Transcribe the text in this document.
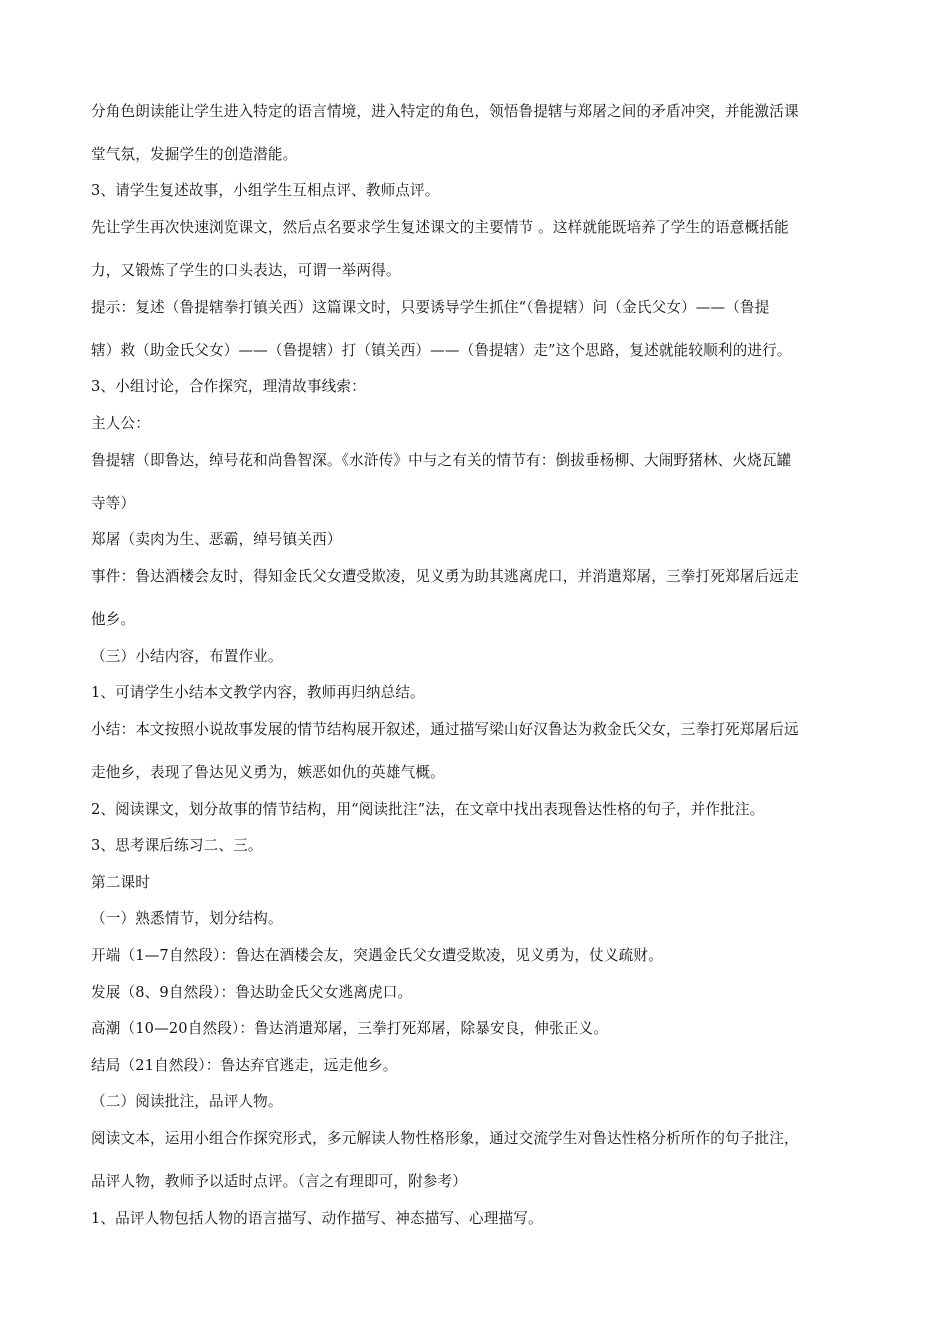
分角色朗读能让学生进入特定的语言情境，进入特定的角色，领悟鲁提辖与郑屠之间的矛盾冲突，并能激活课
堂气氛，发掘学生的创造潜能。
3、请学生复述故事，小组学生互相点评、教师点评。
先让学生再次快速浏览课文，然后点名要求学生复述课文的主要情节 。这样就能既培养了学生的语意概括能
力，又锻炼了学生的口头表达，可谓一举两得。
提示：复述（鲁提辖拳打镇关西）这篇课文时，只要诱导学生抓住“（鲁提辖）问（金氏父女）——（鲁提
辖）救（助金氏父女）——（鲁提辖）打（镇关西）——（鲁提辖）走”这个思路，复述就能较顺利的进行。
3、小组讨论，合作探究，理清故事线索：
主人公：
鲁提辖（即鲁达，绰号花和尚鲁智深。《水浒传》中与之有关的情节有：倒拔垂杨柳、大闹野猪林、火烧瓦罐
寺等）
郑屠（卖肉为生、恶霸，绰号镇关西）
事件：鲁达酒楼会友时，得知金氏父女遭受欺凌，见义勇为助其逃离虎口，并消遣郑屠，三拳打死郑屠后远走
他乡。
（三）小结内容，布置作业。
1、可请学生小结本文教学内容，教师再归纳总结。
小结：本文按照小说故事发展的情节结构展开叙述，通过描写梁山好汉鲁达为救金氏父女，三拳打死郑屠后远
走他乡，表现了鲁达见义勇为，嫉恶如仇的英雄气概。
2、阅读课文，划分故事的情节结构，用“阅读批注”法，在文章中找出表现鲁达性格的句子，并作批注。
3、思考课后练习二、三。
第二课时
（一）熟悉情节，划分结构。
开端（1—7自然段）：鲁达在酒楼会友，突遇金氏父女遭受欺凌，见义勇为，仗义疏财。
发展（8、9自然段）：鲁达助金氏父女逃离虎口。
高潮（10—20自然段）：鲁达消遣郑屠，三拳打死郑屠，除暴安良，伸张正义。
结局（21自然段）：鲁达弃官逃走，远走他乡。
（二）阅读批注，品评人物。
阅读文本，运用小组合作探究形式，多元解读人物性格形象，通过交流学生对鲁达性格分析所作的句子批注，
品评人物，教师予以适时点评。（言之有理即可，附参考）
1、品评人物包括人物的语言描写、动作描写、神态描写、心理描写。
